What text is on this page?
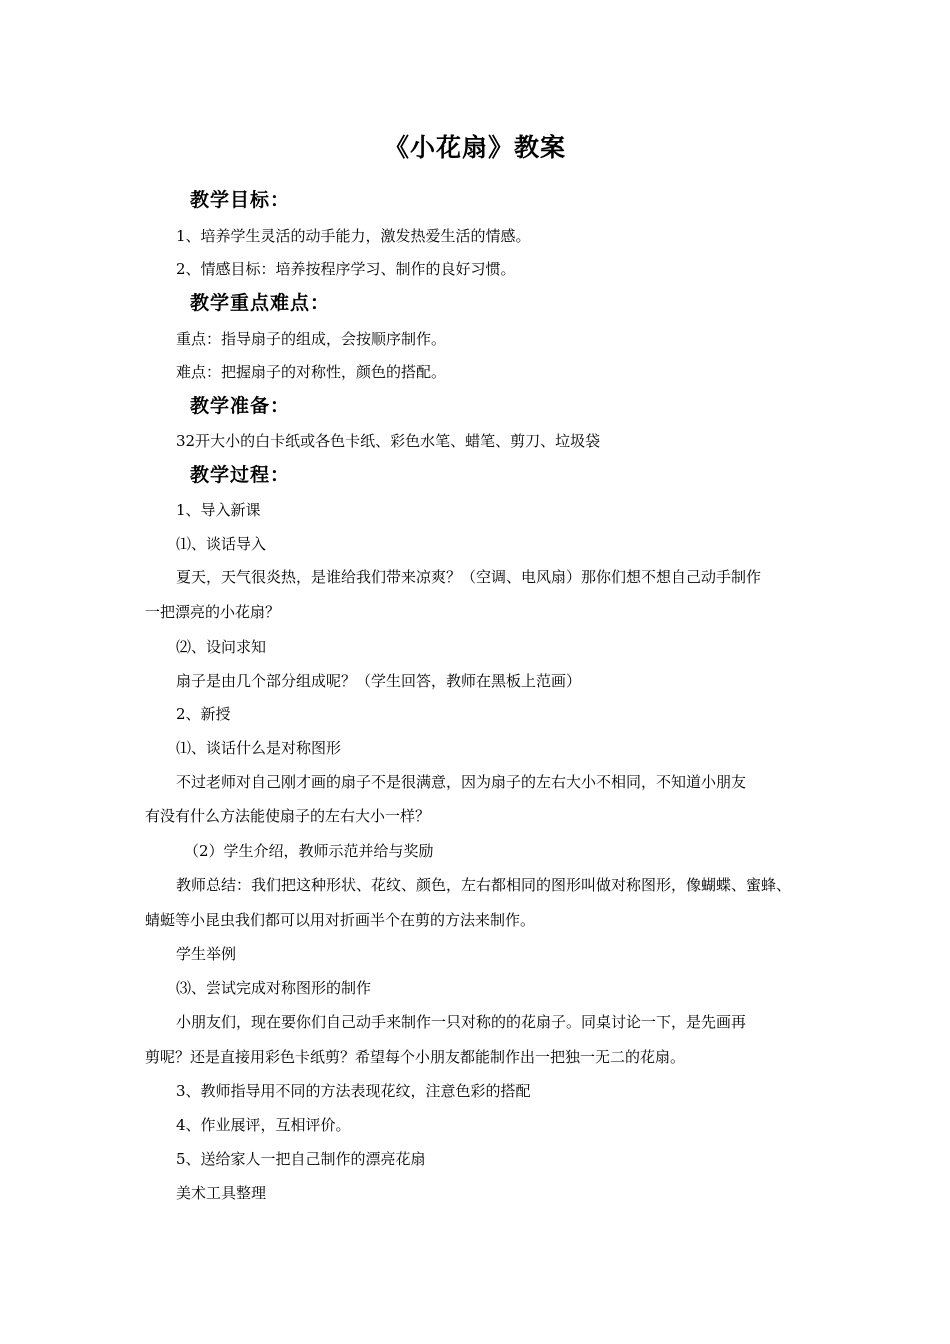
《小花扇》教案
教学目标：
1、培养学生灵活的动手能力，激发热爱生活的情感。
2、情感目标：培养按程序学习、制作的良好习惯。
教学重点难点：
重点：指导扇子的组成，会按顺序制作。
难点：把握扇子的对称性，颜色的搭配。
教学准备：
32开大小的白卡纸或各色卡纸、彩色水笔、蜡笔、剪刀、垃圾袋
教学过程：
1、导入新课
⑴、谈话导入
夏天，天气很炎热，是谁给我们带来凉爽？（空调、电风扇）那你们想不想自己动手制作
一把漂亮的小花扇？
⑵、设问求知
扇子是由几个部分组成呢？（学生回答，教师在黑板上范画）
2、新授
⑴、谈话什么是对称图形
不过老师对自己刚才画的扇子不是很满意，因为扇子的左右大小不相同，不知道小朋友
有没有什么方法能使扇子的左右大小一样？
（2）学生介绍，教师示范并给与奖励
教师总结：我们把这种形状、花纹、颜色，左右都相同的图形叫做对称图形，像蝴蝶、蜜蜂、
蜻蜓等小昆虫我们都可以用对折画半个在剪的方法来制作。
学生举例
⑶、尝试完成对称图形的制作
小朋友们，现在要你们自己动手来制作一只对称的的花扇子。同桌讨论一下，是先画再
剪呢？还是直接用彩色卡纸剪？希望每个小朋友都能制作出一把独一无二的花扇。
3、教师指导用不同的方法表现花纹，注意色彩的搭配
4、作业展评，互相评价。
5、送给家人一把自己制作的漂亮花扇
美术工具整理
